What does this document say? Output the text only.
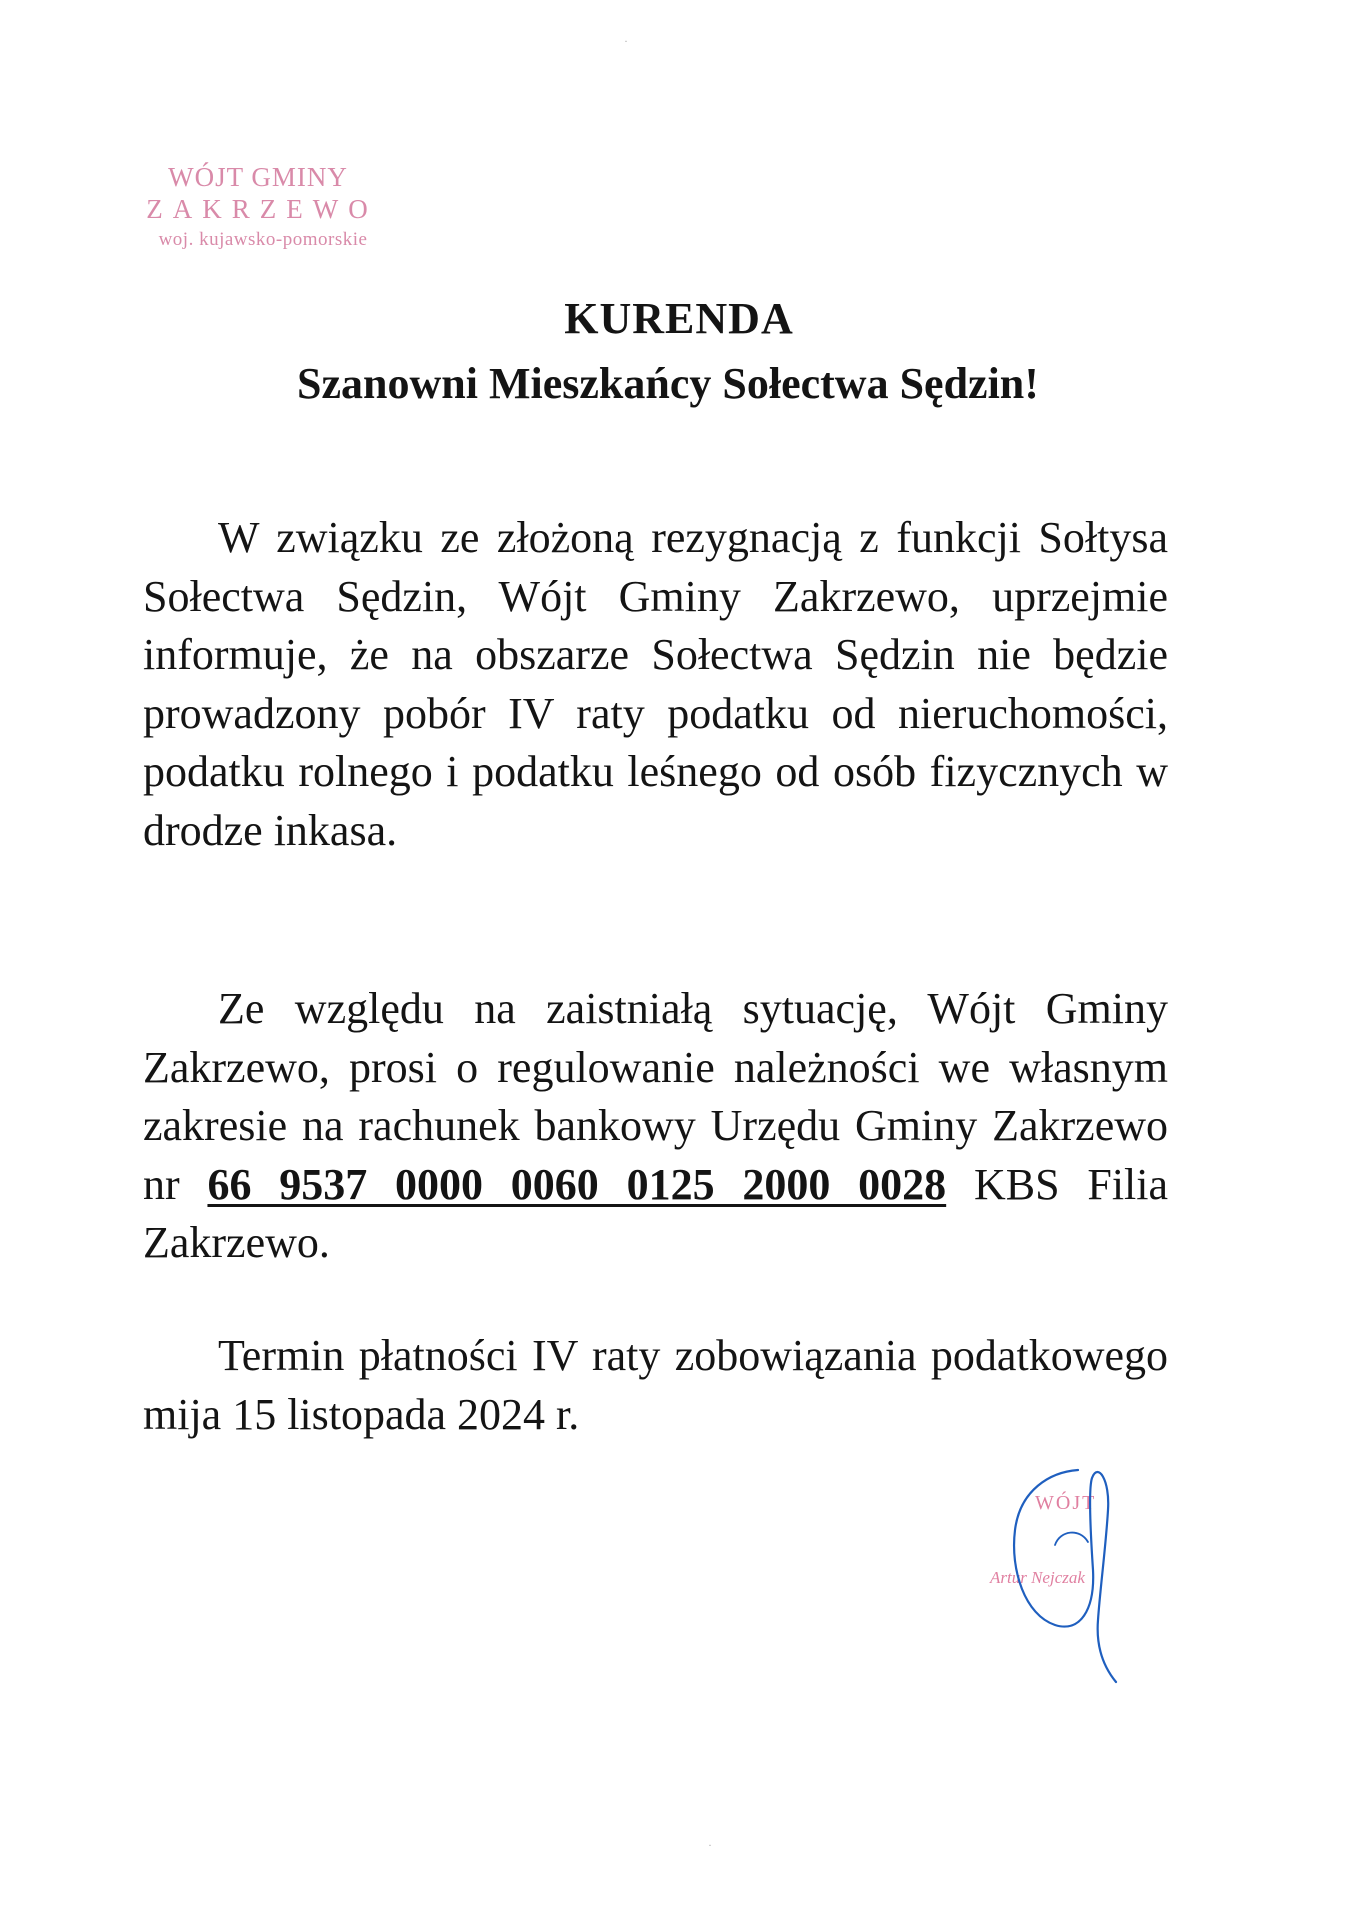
WÓJT GMINY
ZAKRZEWO
woj. kujawsko-pomorskie
KURENDA
Szanowni Mieszkańcy Sołectwa Sędzin!

W związku ze złożoną rezygnacją z funkcji Sołtysa Sołectwa Sędzin, Wójt Gminy Zakrzewo, uprzejmie informuje, że na obszarze Sołectwa Sędzin nie będzie prowadzony pobór IV raty podatku od nieruchomości, podatku rolnego i podatku leśnego od osób fizycznych w drodze inkasa.

Ze względu na zaistniałą sytuację, Wójt Gminy Zakrzewo, prosi o regulowanie należności we własnym zakresie na rachunek bankowy Urzędu Gminy Zakrzewo nr 66 9537 0000 0060 0125 2000 0028 KBS Filia Zakrzewo.

Termin płatności IV raty zobowiązania podatkowego mija 15 listopada 2024 r.

WÓJT
Artur Nejczak
·
·
